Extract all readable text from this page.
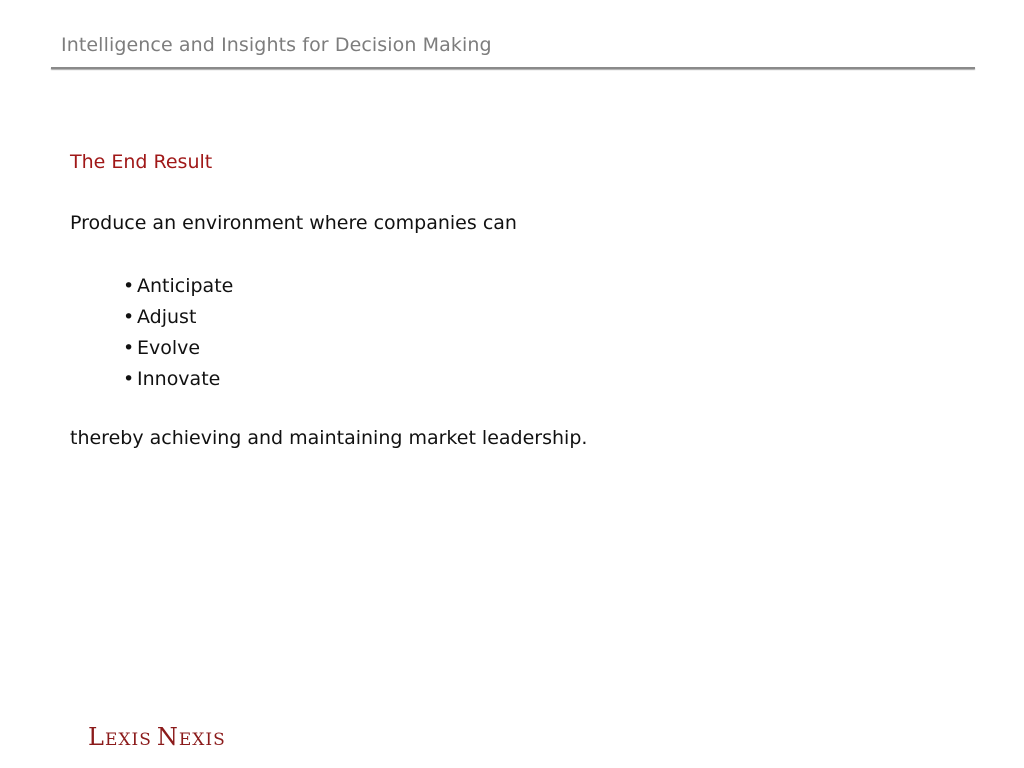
Intelligence and Insights for Decision Making
The End Result
Produce an environment where companies can
• Anticipate
• Adjust
• Evolve
• Innovate
thereby achieving and maintaining market leadership.
LEXIS NEXIS
